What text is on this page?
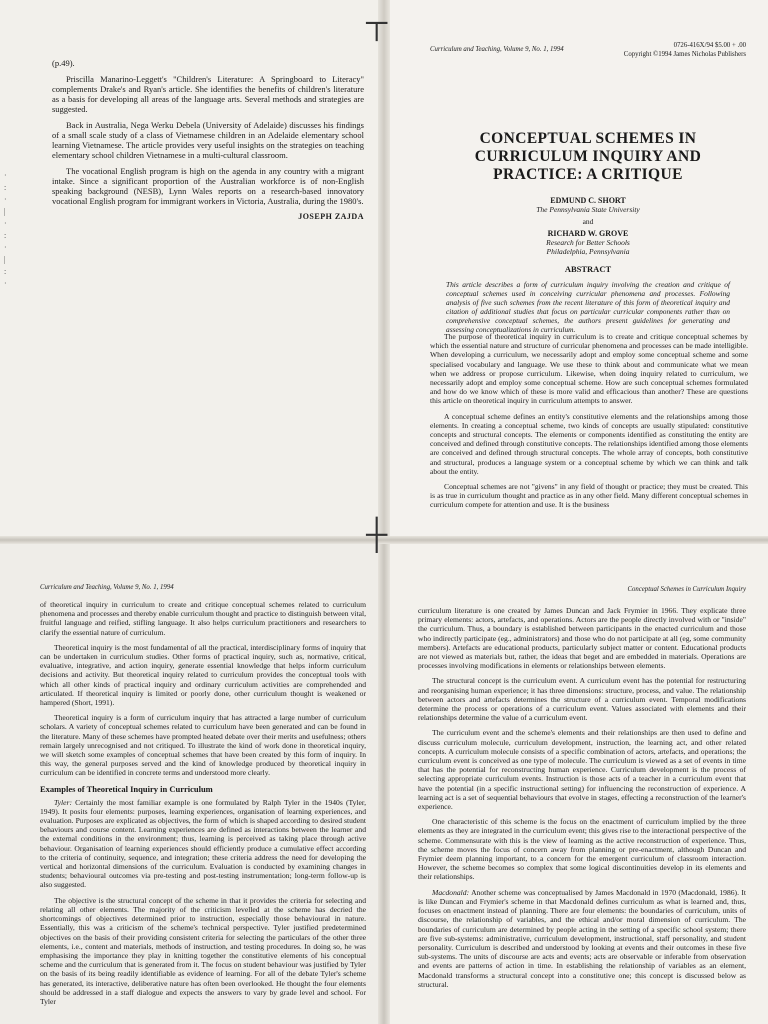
·
:
·
|
·
:
·
|
:
·

(p.49).

Priscilla Manarino-Leggett's "Children's Literature: A Springboard to Literacy" complements Drake's and Ryan's article. She identifies the benefits of children's literature as a basis for developing all areas of the language arts. Several methods and strategies are suggested.

Back in Australia, Nega Werku Debela (University of Adelaide) discusses his findings of a small scale study of a class of Vietnamese children in an Adelaide elementary school learning Vietnamese. The article provides very useful insights on the strategies on teaching elementary school children Vietnamese in a multi-cultural classroom.

The vocational English program is high on the agenda in any country with a migrant intake. Since a significant proportion of the Australian workforce is of non-English speaking background (NESB), Lynn Wales reports on a research-based innovatory vocational English program for immigrant workers in Victoria, Australia, during the 1980's.

JOSEPH ZAJDA
Curriculum and Teaching, Volume 9, No. 1, 1994
0726-416X/94 $5.00 + .00
Copyright ©1994 James Nicholas Publishers
CONCEPTUAL SCHEMES IN
CURRICULUM INQUIRY AND
PRACTICE: A CRITIQUE
EDMUND C. SHORT
The Pennsylvania State University
and
RICHARD W. GROVE
Research for Better Schools
Philadelphia, Pennsylvania
ABSTRACT
This article describes a form of curriculum inquiry involving the creation and critique of conceptual schemes used in conceiving curricular phenomena and processes. Following analysis of five such schemes from the recent literature of this form of theoretical inquiry and citation of additional studies that focus on particular curricular components rather than on comprehensive conceptual schemes, the authors present guidelines for generating and assessing conceptualizations in curriculum.

The purpose of theoretical inquiry in curriculum is to create and critique conceptual schemes by which the essential nature and structure of curricular phenomena and processes can be made intelligible. When developing a curriculum, we necessarily adopt and employ some conceptual scheme and some specialised vocabulary and language. We use these to think about and communicate what we mean when we address or propose curriculum. Likewise, when doing inquiry related to curriculum, we necessarily adopt and employ some conceptual scheme. How are such conceptual schemes formulated and how do we know which of these is more valid and efficacious than another? These are questions this article on theoretical inquiry in curriculum attempts to answer.

A conceptual scheme defines an entity's constitutive elements and the relationships among those elements. In creating a conceptual scheme, two kinds of concepts are usually stipulated: constitutive concepts and structural concepts. The elements or components identified as constituting the entity are conceived and defined through constitutive concepts. The relationships identified among those elements are conceived and defined through structural concepts. The whole array of concepts, both constitutive and structural, produces a language system or a conceptual scheme by which we can think and talk about the entity.

Conceptual schemes are not "givens" in any field of thought or practice; they must be created. This is as true in curriculum thought and practice as in any other field. Many different conceptual schemes in curriculum compete for attention and use. It is the business

Curriculum and Teaching, Volume 9, No. 1, 1994

of theoretical inquiry in curriculum to create and critique conceptual schemes related to curriculum phenomena and processes and thereby enable curriculum thought and practice to distinguish between vital, fruitful language and reified, stifling language. It also helps curriculum practitioners and researchers to clarify the essential nature of curriculum.

Theoretical inquiry is the most fundamental of all the practical, interdisciplinary forms of inquiry that can be undertaken in curriculum studies. Other forms of practical inquiry, such as, normative, critical, evaluative, integrative, and action inquiry, generate essential knowledge that helps inform curriculum decisions and activity. But theoretical inquiry related to curriculum provides the conceptual tools with which all other kinds of practical inquiry and ordinary curriculum activities are comprehended and articulated. If theoretical inquiry is limited or poorly done, other curriculum thought is weakened or hampered (Short, 1991).

Theoretical inquiry is a form of curriculum inquiry that has attracted a large number of curriculum scholars. A variety of conceptual schemes related to curriculum have been generated and can be found in the literature. Many of these schemes have prompted heated debate over their merits and usefulness; others remain largely unrecognised and not critiqued. To illustrate the kind of work done in theoretical inquiry, we will sketch some examples of conceptual schemes that have been created by this form of inquiry. In this way, the general purposes served and the kind of knowledge produced by theoretical inquiry in curriculum can be identified in concrete terms and understood more clearly.

Examples of Theoretical Inquiry in Curriculum

Tyler: Certainly the most familiar example is one formulated by Ralph Tyler in the 1940s (Tyler, 1949). It posits four elements: purposes, learning experiences, organisation of learning experiences, and evaluation. Purposes are explicated as objectives, the form of which is shaped according to desired student behaviours and course content. Learning experiences are defined as interactions between the learner and the external conditions in the environment; thus, learning is perceived as taking place through active behaviour. Organisation of learning experiences should efficiently produce a cumulative effect according to the criteria of continuity, sequence, and integration; these criteria address the need for developing the vertical and horizontal dimensions of the curriculum. Evaluation is conducted by examining changes in students; behavioural outcomes via pre-testing and post-testing instrumentation; long-term follow-up is also suggested.

The objective is the structural concept of the scheme in that it provides the criteria for selecting and relating all other elements. The majority of the criticism levelled at the scheme has decried the shortcomings of objectives determined prior to instruction, especially those behavioural in nature. Essentially, this was a criticism of the scheme's technical perspective. Tyler justified predetermined objectives on the basis of their providing consistent criteria for selecting the particulars of the other three elements, i.e., content and materials, methods of instruction, and testing procedures. In doing so, he was emphasising the importance they play in knitting together the constitutive elements of his conceptual scheme and the curriculum that is generated from it. The focus on student behaviour was justified by Tyler on the basis of its being readily identifiable as evidence of learning. For all of the debate Tyler's scheme has generated, its interactive, deliberative nature has often been overlooked. He thought the four elements should be addressed in a staff dialogue and expects the answers to vary by grade level and school. For Tyler

Conceptual Schemes in Curriculum Inquiry

curriculum literature is one created by James Duncan and Jack Frymier in 1966. They explicate three primary elements: actors, artefacts, and operations. Actors are the people directly involved with or "inside" the curriculum. Thus, a boundary is established between participants in the enacted curriculum and those who indirectly participate (eg., administrators) and those who do not participate at all (eg, some community members). Artefacts are educational products, particularly subject matter or content. Educational products are not viewed as materials but, rather, the ideas that beget and are embedded in materials. Operations are processes involving modifications in elements or relationships between elements.

The structural concept is the curriculum event. A curriculum event has the potential for restructuring and reorganising human experience; it has three dimensions: structure, process, and value. The relationship between actors and artefacts determines the structure of a curriculum event. Temporal modifications determine the process or operations of a curriculum event. Values associated with elements and their relationships determine the value of a curriculum event.

The curriculum event and the scheme's elements and their relationships are then used to define and discuss curriculum molecule, curriculum development, instruction, the learning act, and other related concepts. A curriculum molecule consists of a specific combination of actors, artefacts, and operations; the curriculum event is conceived as one type of molecule. The curriculum is viewed as a set of events in time that has the potential for reconstructing human experience. Curriculum development is the process of selecting appropriate curriculum events. Instruction is those acts of a teacher in a curriculum event that have the potential (in a specific instructional setting) for influencing the reconstruction of experience. A learning act is a set of sequential behaviours that evolve in stages, effecting a reconstruction of the learner's experience.

One characteristic of this scheme is the focus on the enactment of curriculum implied by the three elements as they are integrated in the curriculum event; this gives rise to the interactional perspective of the scheme. Commensurate with this is the view of learning as the active reconstruction of experience. Thus, the scheme moves the focus of concern away from planning or pre-enactment, although Duncan and Frymier deem planning important, to a concern for the emergent curriculum of classroom interaction. However, the scheme becomes so complex that some logical discontinuities develop in its elements and their relationships.

Macdonald: Another scheme was conceptualised by James Macdonald in 1970 (Macdonald, 1986). It is like Duncan and Frymier's scheme in that Macdonald defines curriculum as what is learned and, thus, focuses on enactment instead of planning. There are four elements: the boundaries of curriculum, units of discourse, the relationship of variables, and the ethical and/or moral dimension of curriculum. The boundaries of curriculum are determined by people acting in the setting of a specific school system; there are five sub-systems: administrative, curriculum development, instructional, staff personality, and student personality. Curriculum is described and understood by looking at events and their outcomes in these five sub-systems. The units of discourse are acts and events; acts are observable or inferable from observation and events are patterns of action in time. In establishing the relationship of variables as an element, Macdonald transforms a structural concept into a constitutive one; this concept is discussed below as structural.

┬
┼
